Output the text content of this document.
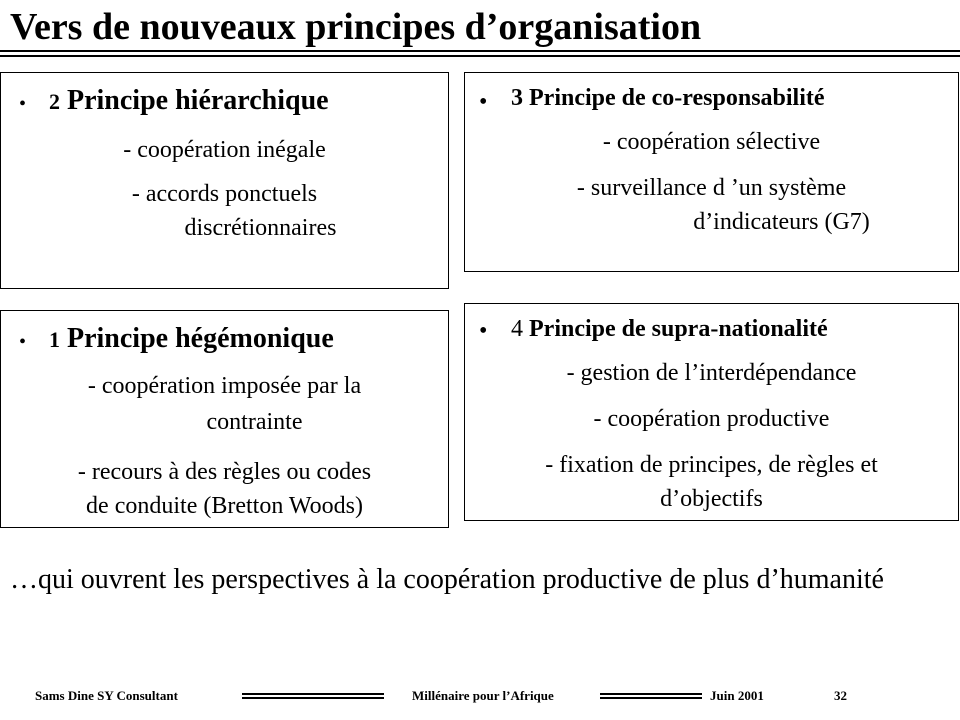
Vers de nouveaux principes d’organisation
• 2 Principe hiérarchique
- coopération inégale
- accords ponctuels
discrétionnaires
• 3 Principe de co-responsabilité
- coopération sélective
- surveillance d ’un système
d’indicateurs (G7)
• 1 Principe hégémonique
- coopération imposée par la
contrainte
- recours à des règles ou codes
de conduite (Bretton Woods)
• 4 Principe de supra-nationalité
- gestion de l’interdépendance
- coopération productive
- fixation de principes, de règles et
d’objectifs
…qui ouvrent les perspectives à la coopération productive de plus d’humanité
Sams Dine SY Consultant	Millénaire pour l’Afrique	Juin 2001	32
